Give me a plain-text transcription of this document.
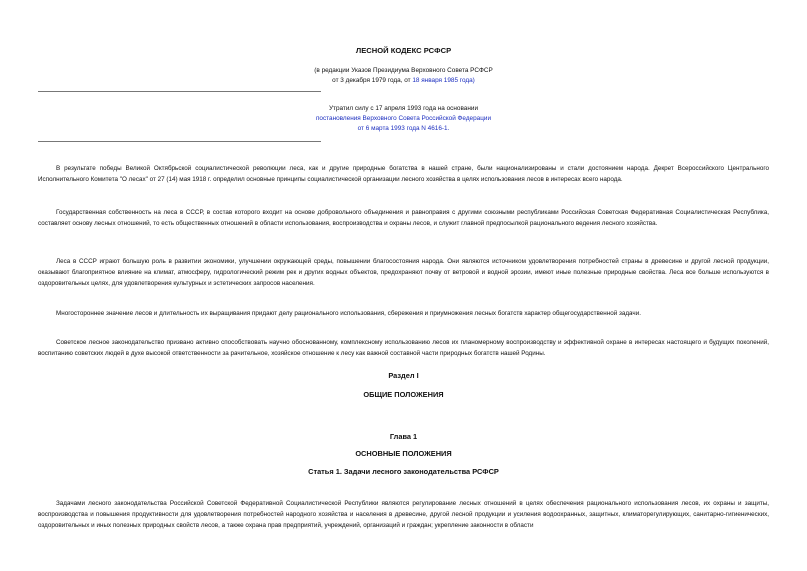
ЛЕСНОЙ КОДЕКС РСФСР
(в редакции Указов Президиума Верховного Совета РСФСР
от 3 декабря 1979 года, от 18 января 1985 года)
Утратил силу с 17 апреля 1993 года на основании
постановления Верховного Совета Российской Федерации
от 6 марта 1993 года N 4616-1.

В результате победы Великой Октябрьской социалистической революции леса, как и другие природные богатства в нашей стране, были национализированы и стали достоянием народа. Декрет Всероссийского Центрального Исполнительного Комитета "О лесах" от 27 (14) мая 1918 г. определил основные принципы социалистической организации лесного хозяйства в целях использования лесов в интересах всего народа.

Государственная собственность на леса в СССР, в состав которого входит на основе добровольного объединения и равноправия с другими союзными республиками Российская Советская Федеративная Социалистическая Республика, составляет основу лесных отношений, то есть общественных отношений в области использования, воспроизводства и охраны лесов, и служит главной предпосылкой рационального ведения лесного хозяйства.

Леса в СССР играют большую роль в развитии экономики, улучшении окружающей среды, повышении благосостояния народа. Они являются источником удовлетворения потребностей страны в древесине и другой лесной продукции, оказывают благоприятное влияние на климат, атмосферу, гидрологический режим рек и других водных объектов, предохраняют почву от ветровой и водной эрозии, имеют иные полезные природные свойства. Леса все больше используются в оздоровительных целях, для удовлетворения культурных и эстетических запросов населения.

Многостороннее значение лесов и длительность их выращивания придают делу рационального использования, сбережения и приумножения лесных богатств характер общегосударственной задачи.

Советское лесное законодательство призвано активно способствовать научно обоснованному, комплексному использованию лесов их планомерному воспроизводству и эффективной охране в интересах настоящего и будущих поколений, воспитанию советских людей в духе высокой ответственности за рачительное, хозяйское отношение к лесу как важной составной части природных богатств нашей Родины.

Раздел I
ОБЩИЕ ПОЛОЖЕНИЯ
Глава 1
ОСНОВНЫЕ ПОЛОЖЕНИЯ
Статья 1. Задачи лесного законодательства РСФСР

Задачами лесного законодательства Российской Советской Федеративной Социалистической Республики являются регулирование лесных отношений в целях обеспечения рационального использования лесов, их охраны и защиты, воспроизводства и повышения продуктивности для удовлетворения потребностей народного хозяйства и населения в древесине, другой лесной продукции и усиления водоохранных, защитных, климаторегулирующих, санитарно-гигиенических, оздоровительных и иных полезных природных свойств лесов, а также охрана прав предприятий, учреждений, организаций и граждан; укрепление законности в области
